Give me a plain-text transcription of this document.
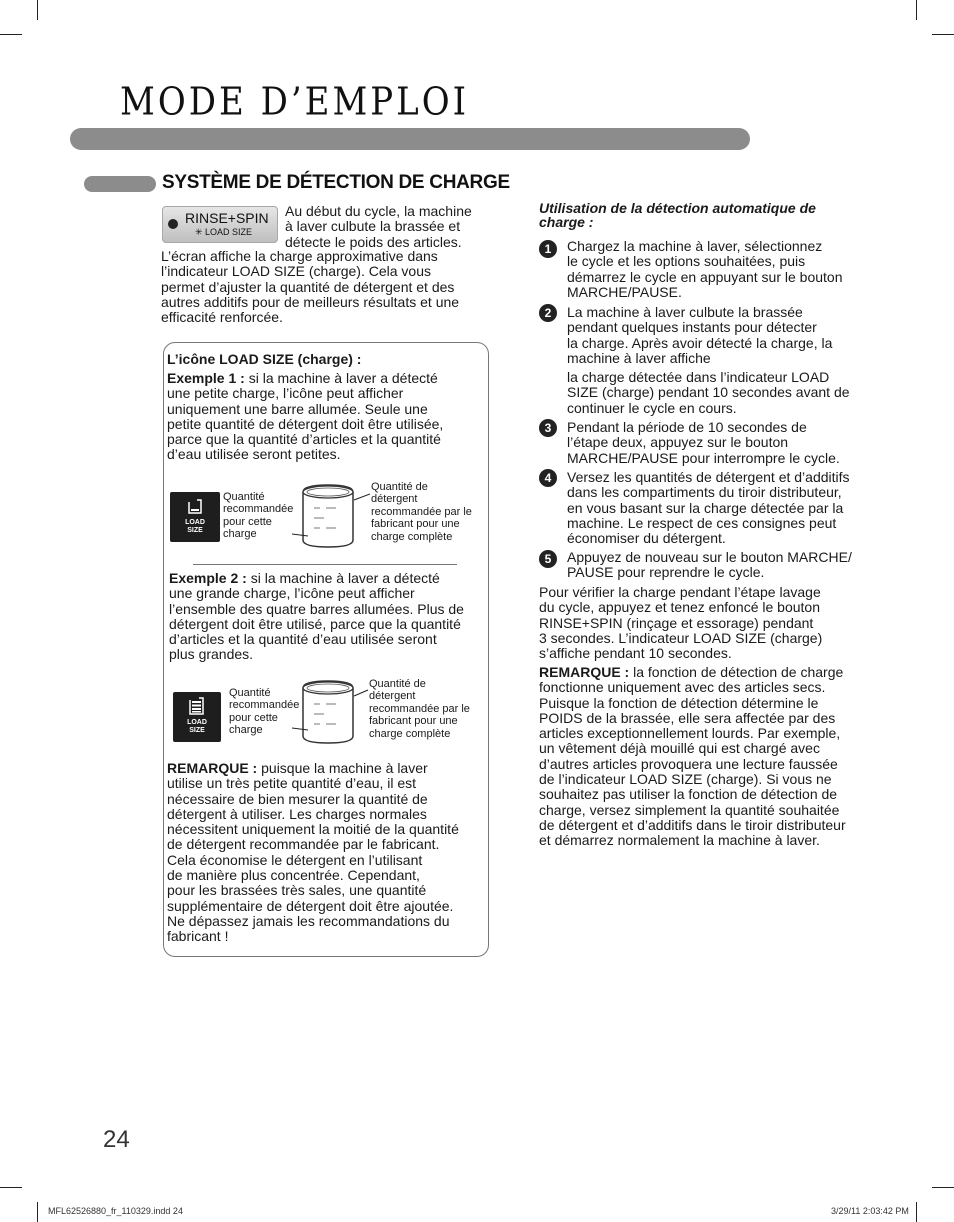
MODE D’EMPLOI
SYSTÈME DE DÉTECTION DE CHARGE
RINSE+SPIN
✳ LOAD SIZE
Au début du cycle, la machine
à laver culbute la brassée et
détecte le poids des articles.
L’écran affiche la charge approximative dans
l’indicateur LOAD SIZE (charge). Cela vous
permet d’ajuster la quantité de détergent et des
autres additifs pour de meilleurs résultats et une
efficacité renforcée.
L’icône LOAD SIZE (charge) :
Exemple 1 : si la machine à laver a détecté
une petite charge, l’icône peut afficher
uniquement une barre allumée. Seule une
petite quantité de détergent doit être utilisée,
parce que la quantité d’articles et la quantité
d’eau utilisée seront petites.
LOAD
SIZE
Quantité
recommandée
pour cette
charge
Quantité de
détergent
recommandée par le
fabricant pour une
charge complète
Exemple 2 : si la machine à laver a détecté
une grande charge, l’icône peut afficher
l’ensemble des quatre barres allumées. Plus de
détergent doit être utilisé, parce que la quantité
d’articles et la quantité d’eau utilisée seront
plus grandes.
LOAD
SIZE
Quantité
recommandée
pour cette
charge
Quantité de
détergent
recommandée par le
fabricant pour une
charge complète
REMARQUE : puisque la machine à laver
utilise un très petite quantité d’eau, il est
nécessaire de bien mesurer la quantité de
détergent à utiliser. Les charges normales
nécessitent uniquement la moitié de la quantité
de détergent recommandée par le fabricant.
Cela économise le détergent en l’utilisant
de manière plus concentrée. Cependant,
pour les brassées très sales, une quantité
supplémentaire de détergent doit être ajoutée.
Ne dépassez jamais les recommandations du
fabricant !
Utilisation de la détection automatique de
charge :
1	Chargez la machine à laver, sélectionnez
le cycle et les options souhaitées, puis
démarrez le cycle en appuyant sur le bouton
MARCHE/PAUSE.
2	La machine à laver culbute la brassée
pendant quelques instants pour détecter
la charge. Après avoir détecté la charge, la
machine à laver affiche
la charge détectée dans l’indicateur LOAD
SIZE (charge) pendant 10 secondes avant de
continuer le cycle en cours.
3	Pendant la période de 10 secondes de
l’étape deux, appuyez sur le bouton
MARCHE/PAUSE pour interrompre le cycle.
4	Versez les quantités de détergent et d’additifs
dans les compartiments du tiroir distributeur,
en vous basant sur la charge détectée par la
machine. Le respect de ces consignes peut
économiser du détergent.
5	Appuyez de nouveau sur le bouton MARCHE/
PAUSE pour reprendre le cycle.
Pour vérifier la charge pendant l’étape lavage
du cycle, appuyez et tenez enfoncé le bouton
RINSE+SPIN (rinçage et essorage) pendant
3 secondes. L’indicateur LOAD SIZE (charge)
s’affiche pendant 10 secondes.
REMARQUE : la fonction de détection de charge
fonctionne uniquement avec des articles secs.
Puisque la fonction de détection détermine le
POIDS de la brassée, elle sera affectée par des
articles exceptionnellement lourds. Par exemple,
un vêtement déjà mouillé qui est chargé avec
d’autres articles provoquera une lecture faussée
de l’indicateur LOAD SIZE (charge). Si vous ne
souhaitez pas utiliser la fonction de détection de
charge, versez simplement la quantité souhaitée
de détergent et d’additifs dans le tiroir distributeur
et démarrez normalement la machine à laver.
24
MFL62526880_fr_110329.indd 24	3/29/11 2:03:42 PM
